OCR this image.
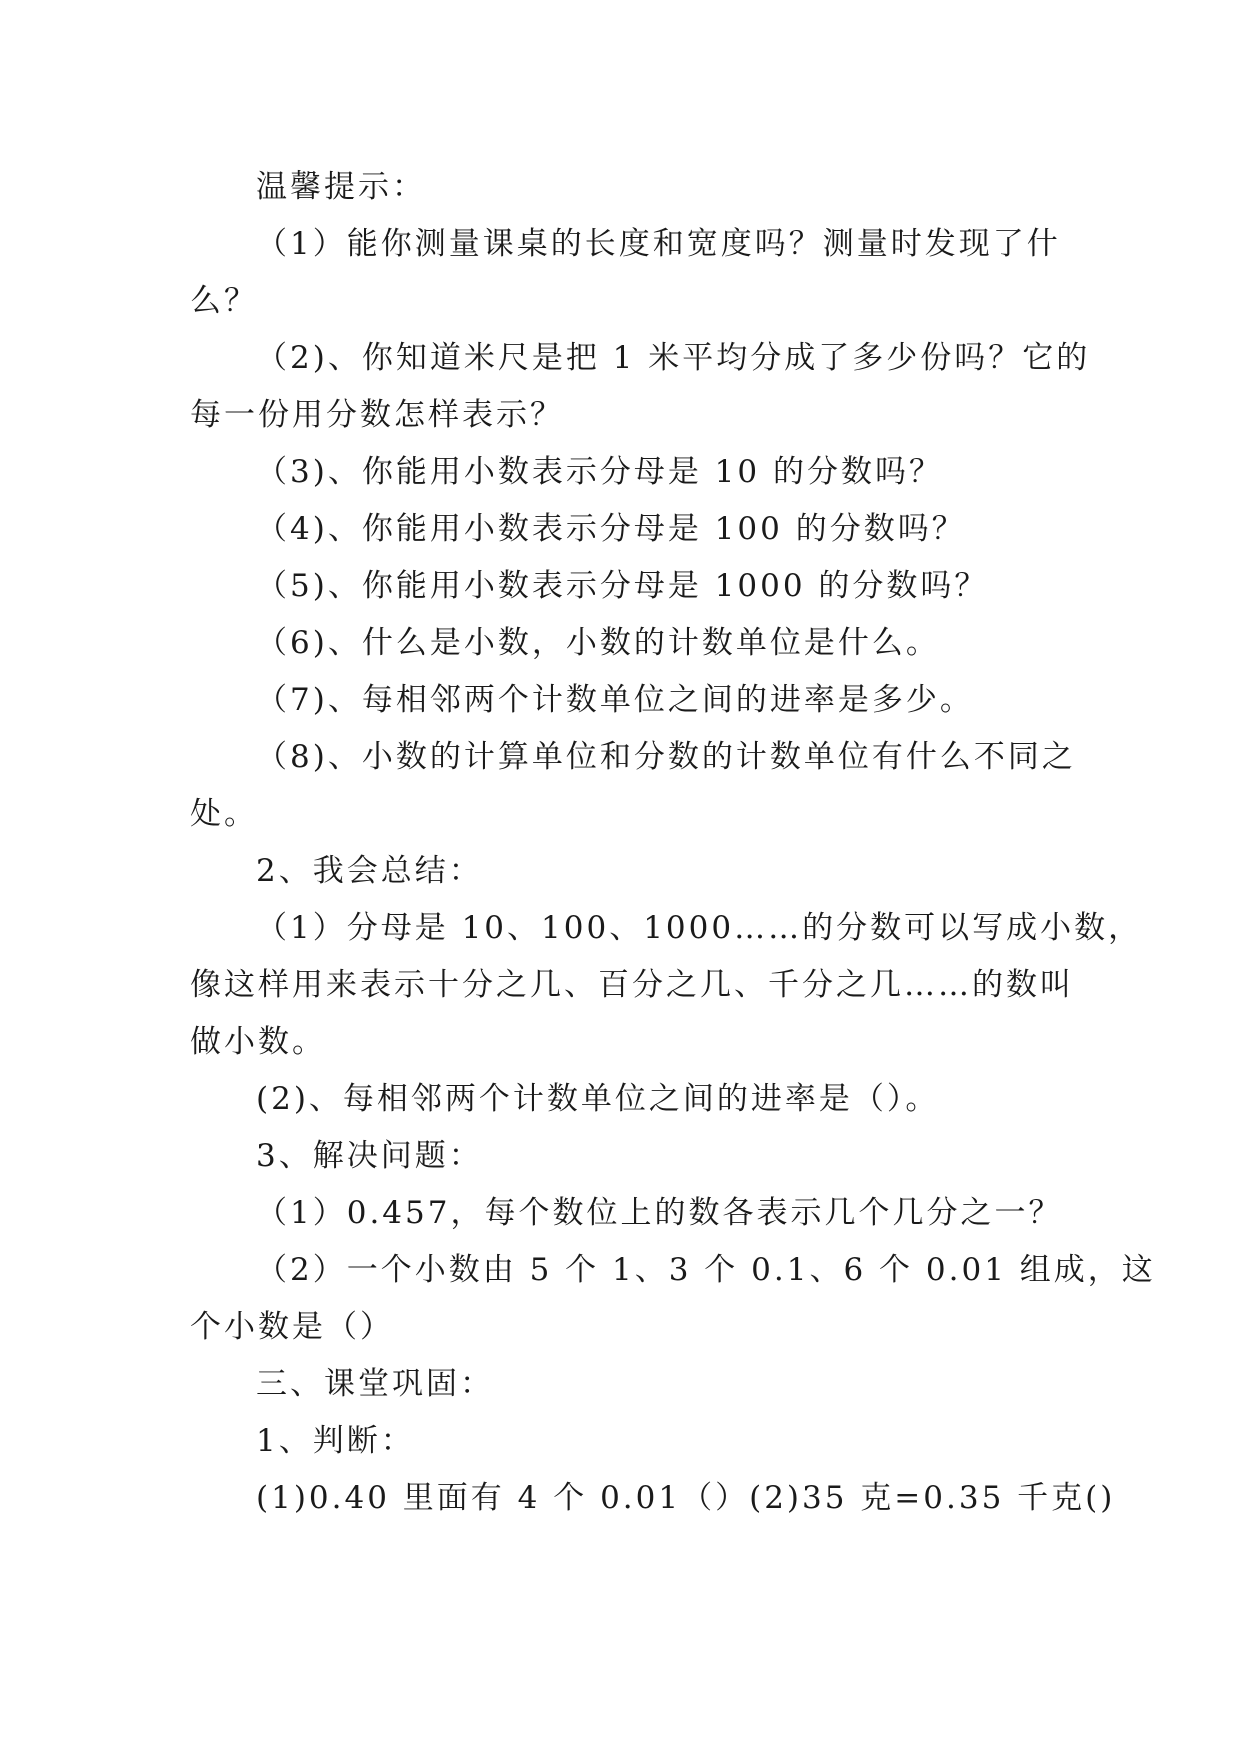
温馨提示：
（1）能你测量课桌的长度和宽度吗？测量时发现了什
么？
（2)、你知道米尺是把 1 米平均分成了多少份吗？它的
每一份用分数怎样表示？
（3)、你能用小数表示分母是 10 的分数吗？
（4)、你能用小数表示分母是 100 的分数吗？
（5)、你能用小数表示分母是 1000 的分数吗？
（6)、什么是小数，小数的计数单位是什么。
（7)、每相邻两个计数单位之间的进率是多少。
（8)、小数的计算单位和分数的计数单位有什么不同之
处。
2、我会总结：
（1）分母是 10、100、1000……的分数可以写成小数，
像这样用来表示十分之几、百分之几、千分之几……的数叫
做小数。
(2)、每相邻两个计数单位之间的进率是（）。
3、解决问题：
（1）0.457，每个数位上的数各表示几个几分之一？
（2）一个小数由 5 个 1、3 个 0.1、6 个 0.01 组成，这
个小数是（）
三、课堂巩固：
1、判断：
(1)0.40 里面有 4 个 0.01（）(2)35 克=0.35 千克()
